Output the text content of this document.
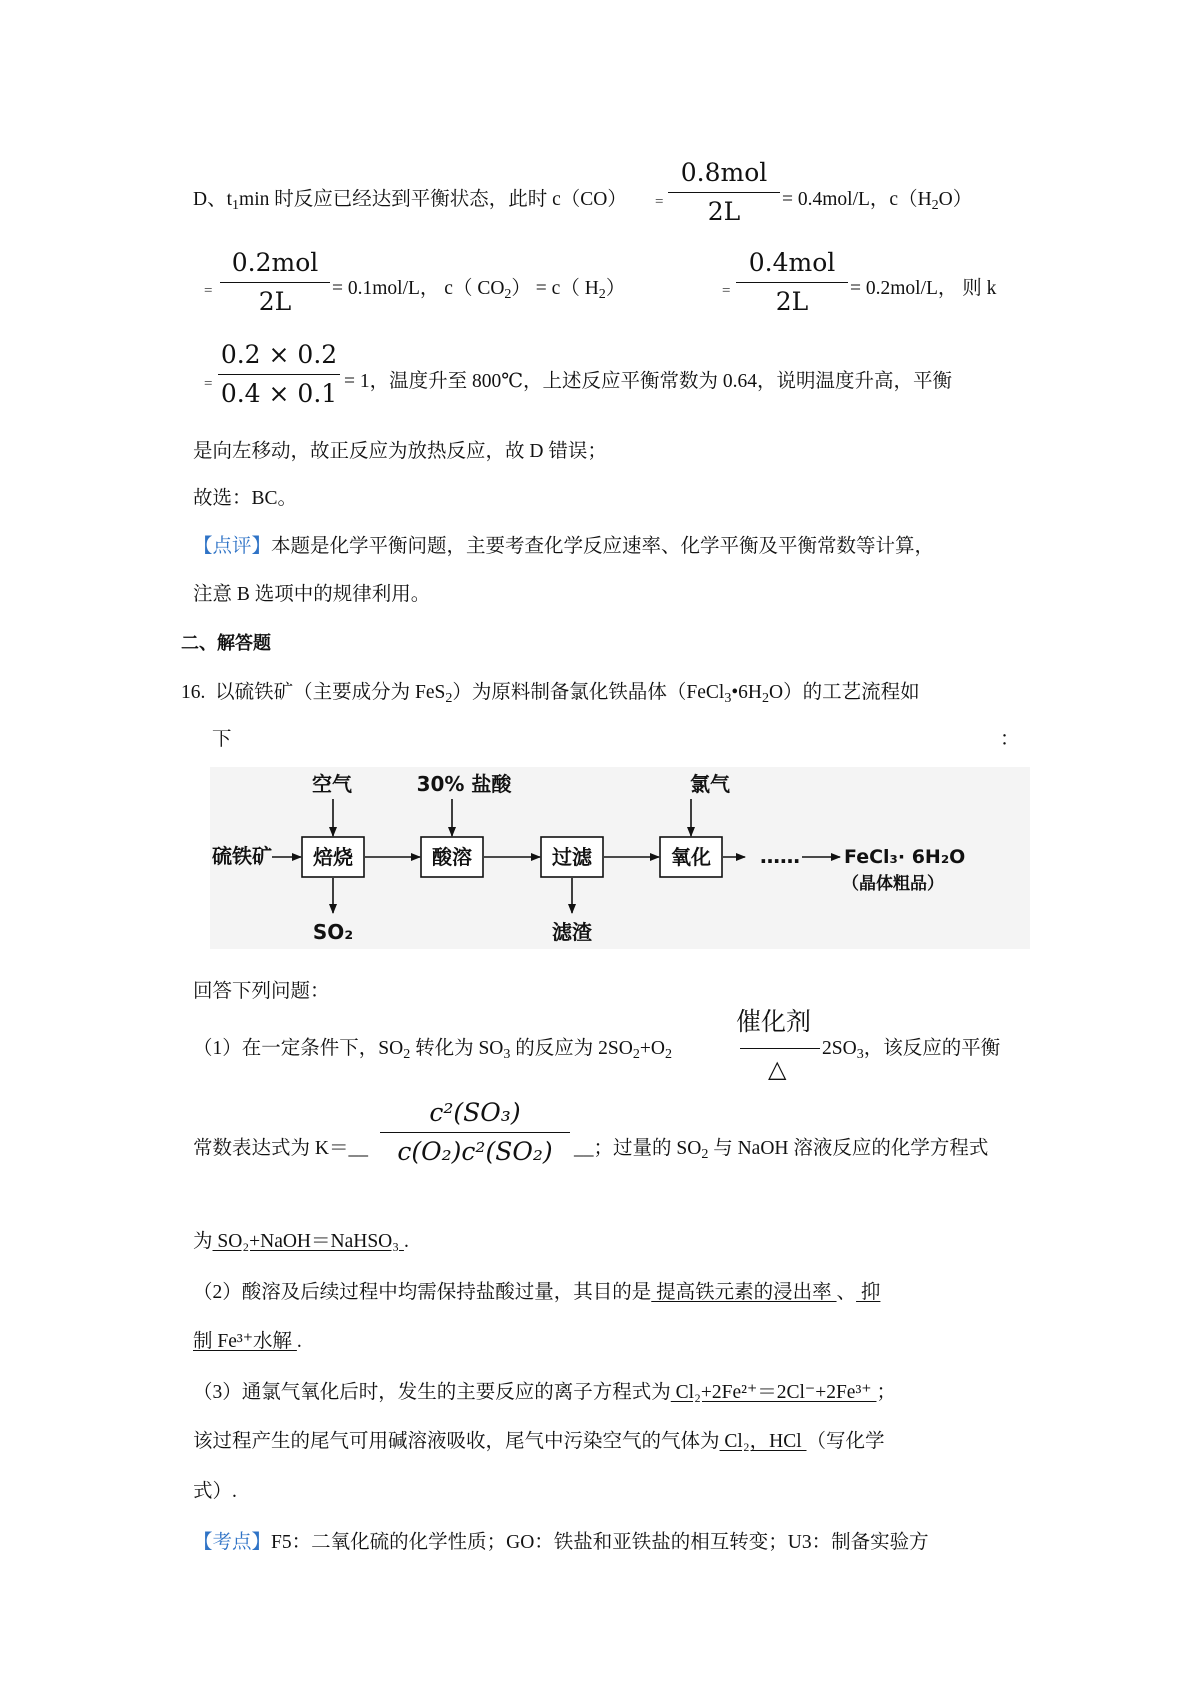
D、$t_1\min$ 时反应已经达到平衡状态，此时 c（CO） =
0.8mol
2L	= 0.4mol/L，$c(H_2O)$
=
0.2mol
2L	= 0.1mol/L， c（ $CO_2) = c$（ $H_2$）	=
0.4mol
2L	= 0.2mol/L， 则 k
=
0.2 × 0.2
0.4 × 0.1 = 1，温度升至 800℃，上述反应平衡常数为 0.64，说明温度升高，平衡
是向左移动，故正反应为放热反应，故 D 错误；
故选：BC。
【点评】本题是化学平衡问题，主要考查化学反应速率、化学平衡及平衡常数等计算，
注意 B 选项中的规律利用。
二、解答题
16. 以硫铁矿（主要成分为 FeS$_2$）为原料制备氯化铁晶体$(FeCl_3•6H_2O)$的工艺流程如
下	：
空气	30% 盐酸	氯气
硫铁矿 焙烧	酸溶	过滤	氧化
SO₂	滤渣
…… FeCl₃· 6H₂O
（晶体粗品）
回答下列问题：
催化剂
△
（1）在一定条件下，$SO_2$ 转化为 $SO_3$ 的反应为 $2SO_2+O_2$	$2SO_3$，该反应的平衡
常数表达式为 K＝__
c²(SO₃)
c(O₂)c²(SO₂)	__；过量的 $SO_2$ 与 NaOH 溶液反应的化学方程式
为 SO₂+NaOH＝NaHSO₃ .
（2）酸溶及后续过程中均需保持盐酸过量，其目的是 提高铁元素的浸出率 、 抑
制 Fe³⁺水解 .
（3）通氯气氧化后时，发生的主要反应的离子方程式为 Cl₂+2Fe²⁺＝2Cl⁻+2Fe³⁺ ；
该过程产生的尾气可用碱溶液吸收，尾气中污染空气的气体为 Cl₂，HCl （写化学
式）.
【考点】F5：二氧化硫的化学性质；GO：铁盐和亚铁盐的相互转变；U3：制备实验方
